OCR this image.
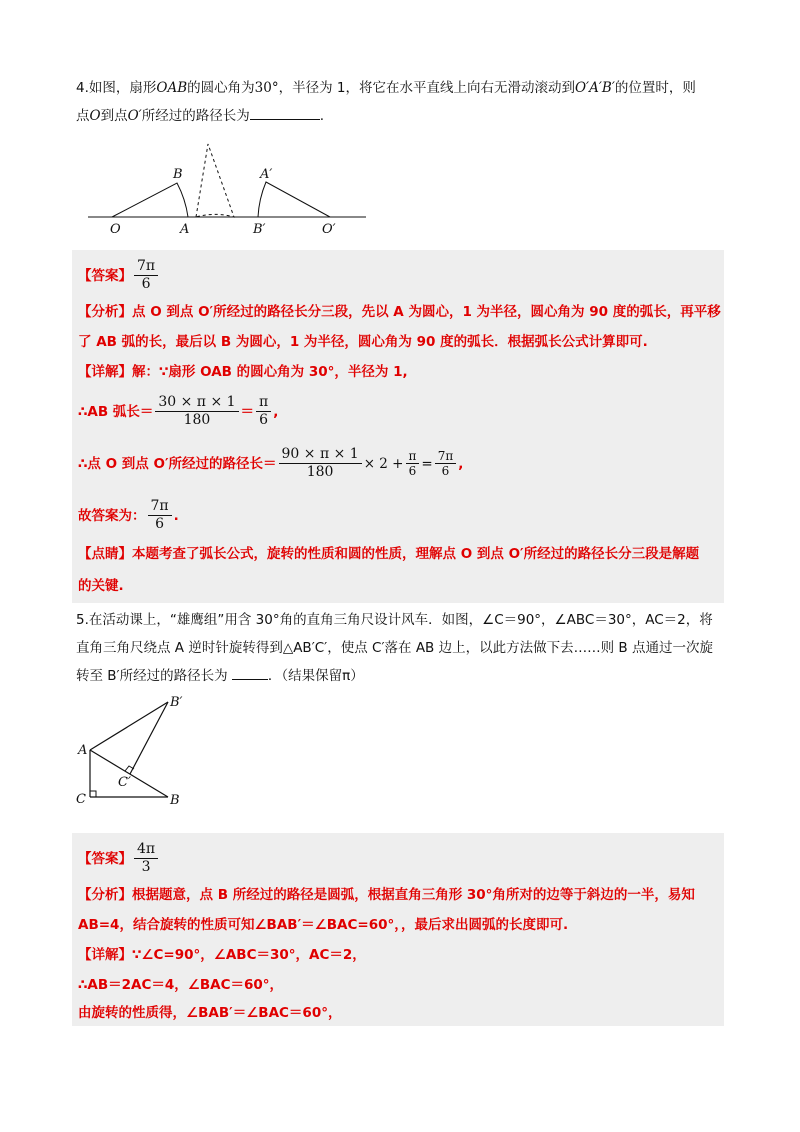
4.如图，扇形OAB的圆心角为30°，半径为 1，将它在水平直线上向右无滑动滚动到O′A′B′的位置时，则
点O到点O′所经过的路径长为	.
O	A
B
B′
A′
O′
【答案】 $\frac{7\pi}{6}$
【分析】 点 O 到点 O′所经过的路径长分三段，先以 A 为圆心，1 为半径，圆心角为 90 度的弧长，再平移
了 AB 弧的长，最后以 B 为圆心，1 为半径，圆心角为 90 度的弧长．根据弧长公式计算即可.
【详解】 解：∵扇形 OAB 的圆心角为 30°，半径为 1,
∴AB 弧长＝ $\frac{30 \times \pi \times 1}{180} = \frac{\pi}{6}$ ,
∴点 O 到点 O′所经过的路径长＝ $\frac{90 \times \pi \times 1}{180} \times 2 + \frac{\pi}{6} = \frac{7\pi}{6}$ ,
故答案为： $\frac{7\pi}{6}$ .
【点睛】 本题考查了弧长公式，旋转的性质和圆的性质，理解点 O 到点 O′所经过的路径长分三段是解题
的关键.
5.在活动课上，“雄鹰组”用含 30°角的直角三角尺设计风车．如图，∠C＝90°，∠ABC＝30°，AC＝2，将
直角三角尺绕点 A 逆时针旋转得到△AB′C′，使点 C′落在 AB 边上，以此方法做下去……则 B 点通过一次旋
转至 B′所经过的路径长为	．（结果保留π）
A
C	B
B′
C′
【答案】 $\frac{4\pi}{3}$
【分析】 根据题意，点 B 所经过的路径是圆弧，根据直角三角形 30°角所对的边等于斜边的一半，易知
AB=4，结合旋转的性质可知∠BAB′＝∠BAC=60°，，最后求出圆弧的长度即可.
【详解】 ∵∠C=90°，∠ABC＝30°，AC＝2，
∴AB＝2AC＝4，∠BAC＝60°，
由旋转的性质得，∠BAB′＝∠BAC＝60°，
